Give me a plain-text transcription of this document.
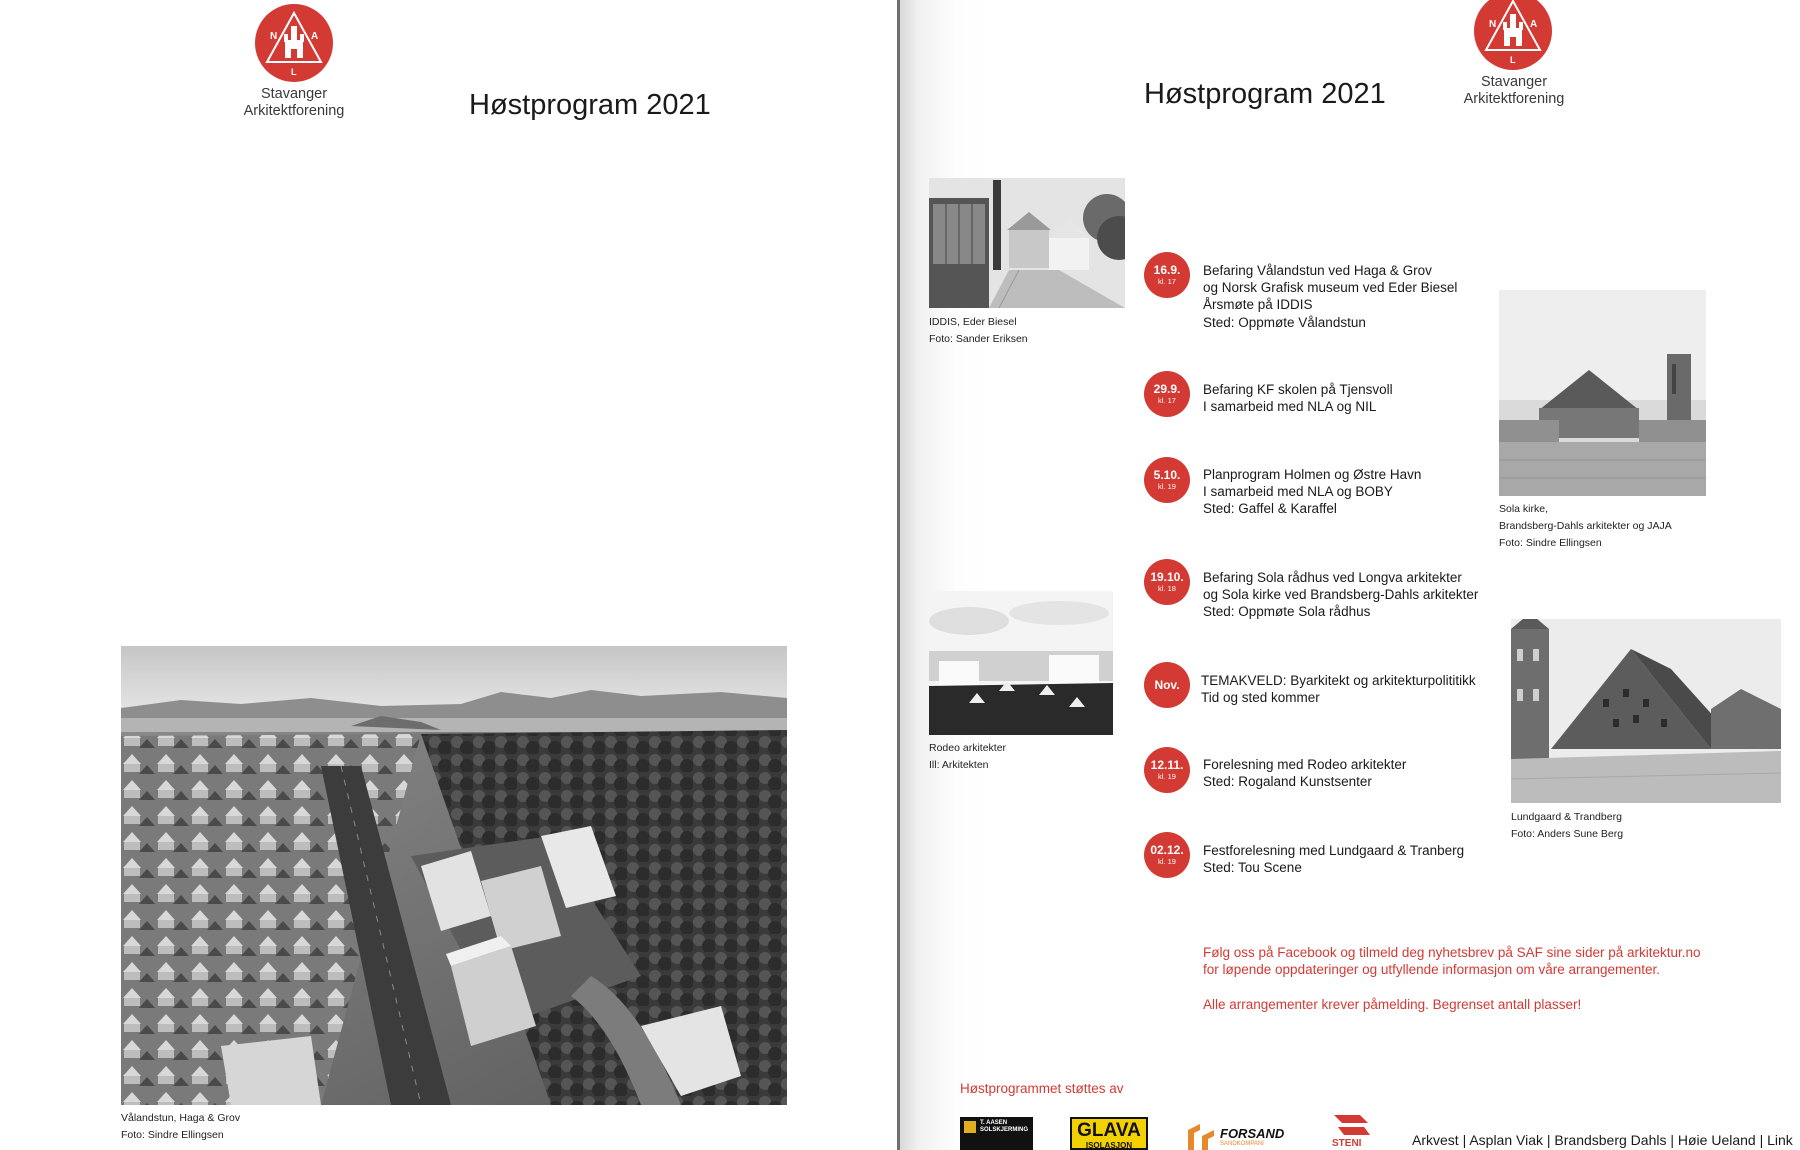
N	A
L
Stavanger
Arkitektforening	Høstprogram 2021
Vålandstun, Haga & Grov
Foto: Sindre Ellingsen
N	A
L
Stavanger
Arkitektforening
Høstprogram 2021
IDDIS, Eder Biesel
Foto: Sander Eriksen
Sola kirke,
Brandsberg-Dahls arkitekter og JAJA
Foto: Sindre Ellingsen
Rodeo arkitekter
Ill: Arkitekten
Lundgaard & Trandberg
Foto: Anders Sune Berg
16.9.
kl. 17
Befaring Vålandstun ved Haga & Grov
og Norsk Grafisk museum ved Eder Biesel
Årsmøte på IDDIS
Sted: Oppmøte Vålandstun
29.9.
kl. 17
Befaring KF skolen på Tjensvoll
I samarbeid med NLA og NIL
5.10.
kl. 19
Planprogram Holmen og Østre Havn
I samarbeid med NLA og BOBY
Sted: Gaffel & Karaffel
19.10.
kl. 18
Befaring Sola rådhus ved Longva arkitekter
og Sola kirke ved Brandsberg-Dahls arkitekter
Sted: Oppmøte Sola rådhus
Nov.	TEMAKVELD: Byarkitekt og arkitekturpolititikk
Tid og sted kommer
12.11.
kl. 19
Forelesning med Rodeo arkitekter
Sted: Rogaland Kunstsenter
02.12.
kl. 19
Festforelesning med Lundgaard & Tranberg
Sted: Tou Scene
Følg oss på Facebook og tilmeld deg nyhetsbrev på SAF sine sider på arkitektur.no
for løpende oppdateringer og utfyllende informasjon om våre arrangementer.
Alle arrangementer krever påmelding. Begrenset antall plasser!
Høstprogrammet støttes av
T. AASEN
SOLSKJERMING	GLAVA
ISOLASJON
FORSAND
SANDKOMPANI	STENI	Arkvest | Asplan Viak | Brandsberg Dahls | Høie Ueland | Link
